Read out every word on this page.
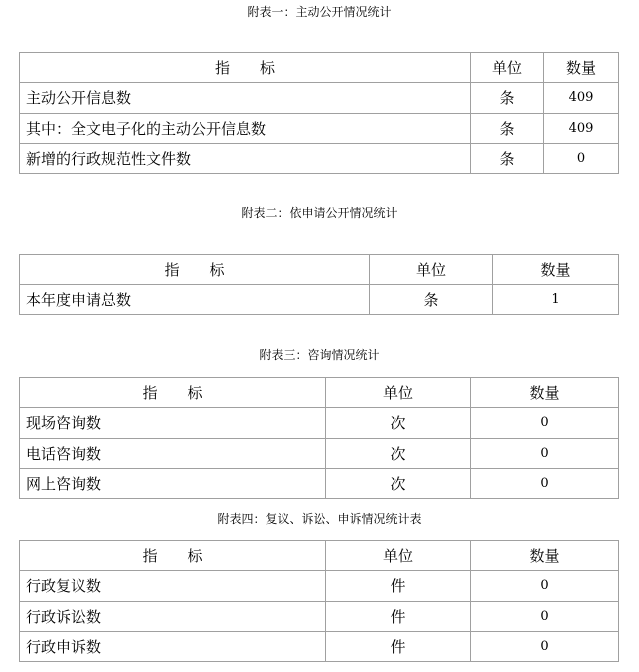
附表一：主动公开情况统计
指　　标	单位	数量
主动公开信息数	条	409
其中：全文电子化的主动公开信息数	条	409
新增的行政规范性文件数	条	0
附表二：依申请公开情况统计
指　　标	单位	数量
本年度申请总数	条	1
附表三：咨询情况统计
指　　标	单位	数量
现场咨询数	次	0
电话咨询数	次	0
网上咨询数	次	0
附表四：复议、诉讼、申诉情况统计表
指　　标	单位	数量
行政复议数	件	0
行政诉讼数	件	0
行政申诉数	件	0
